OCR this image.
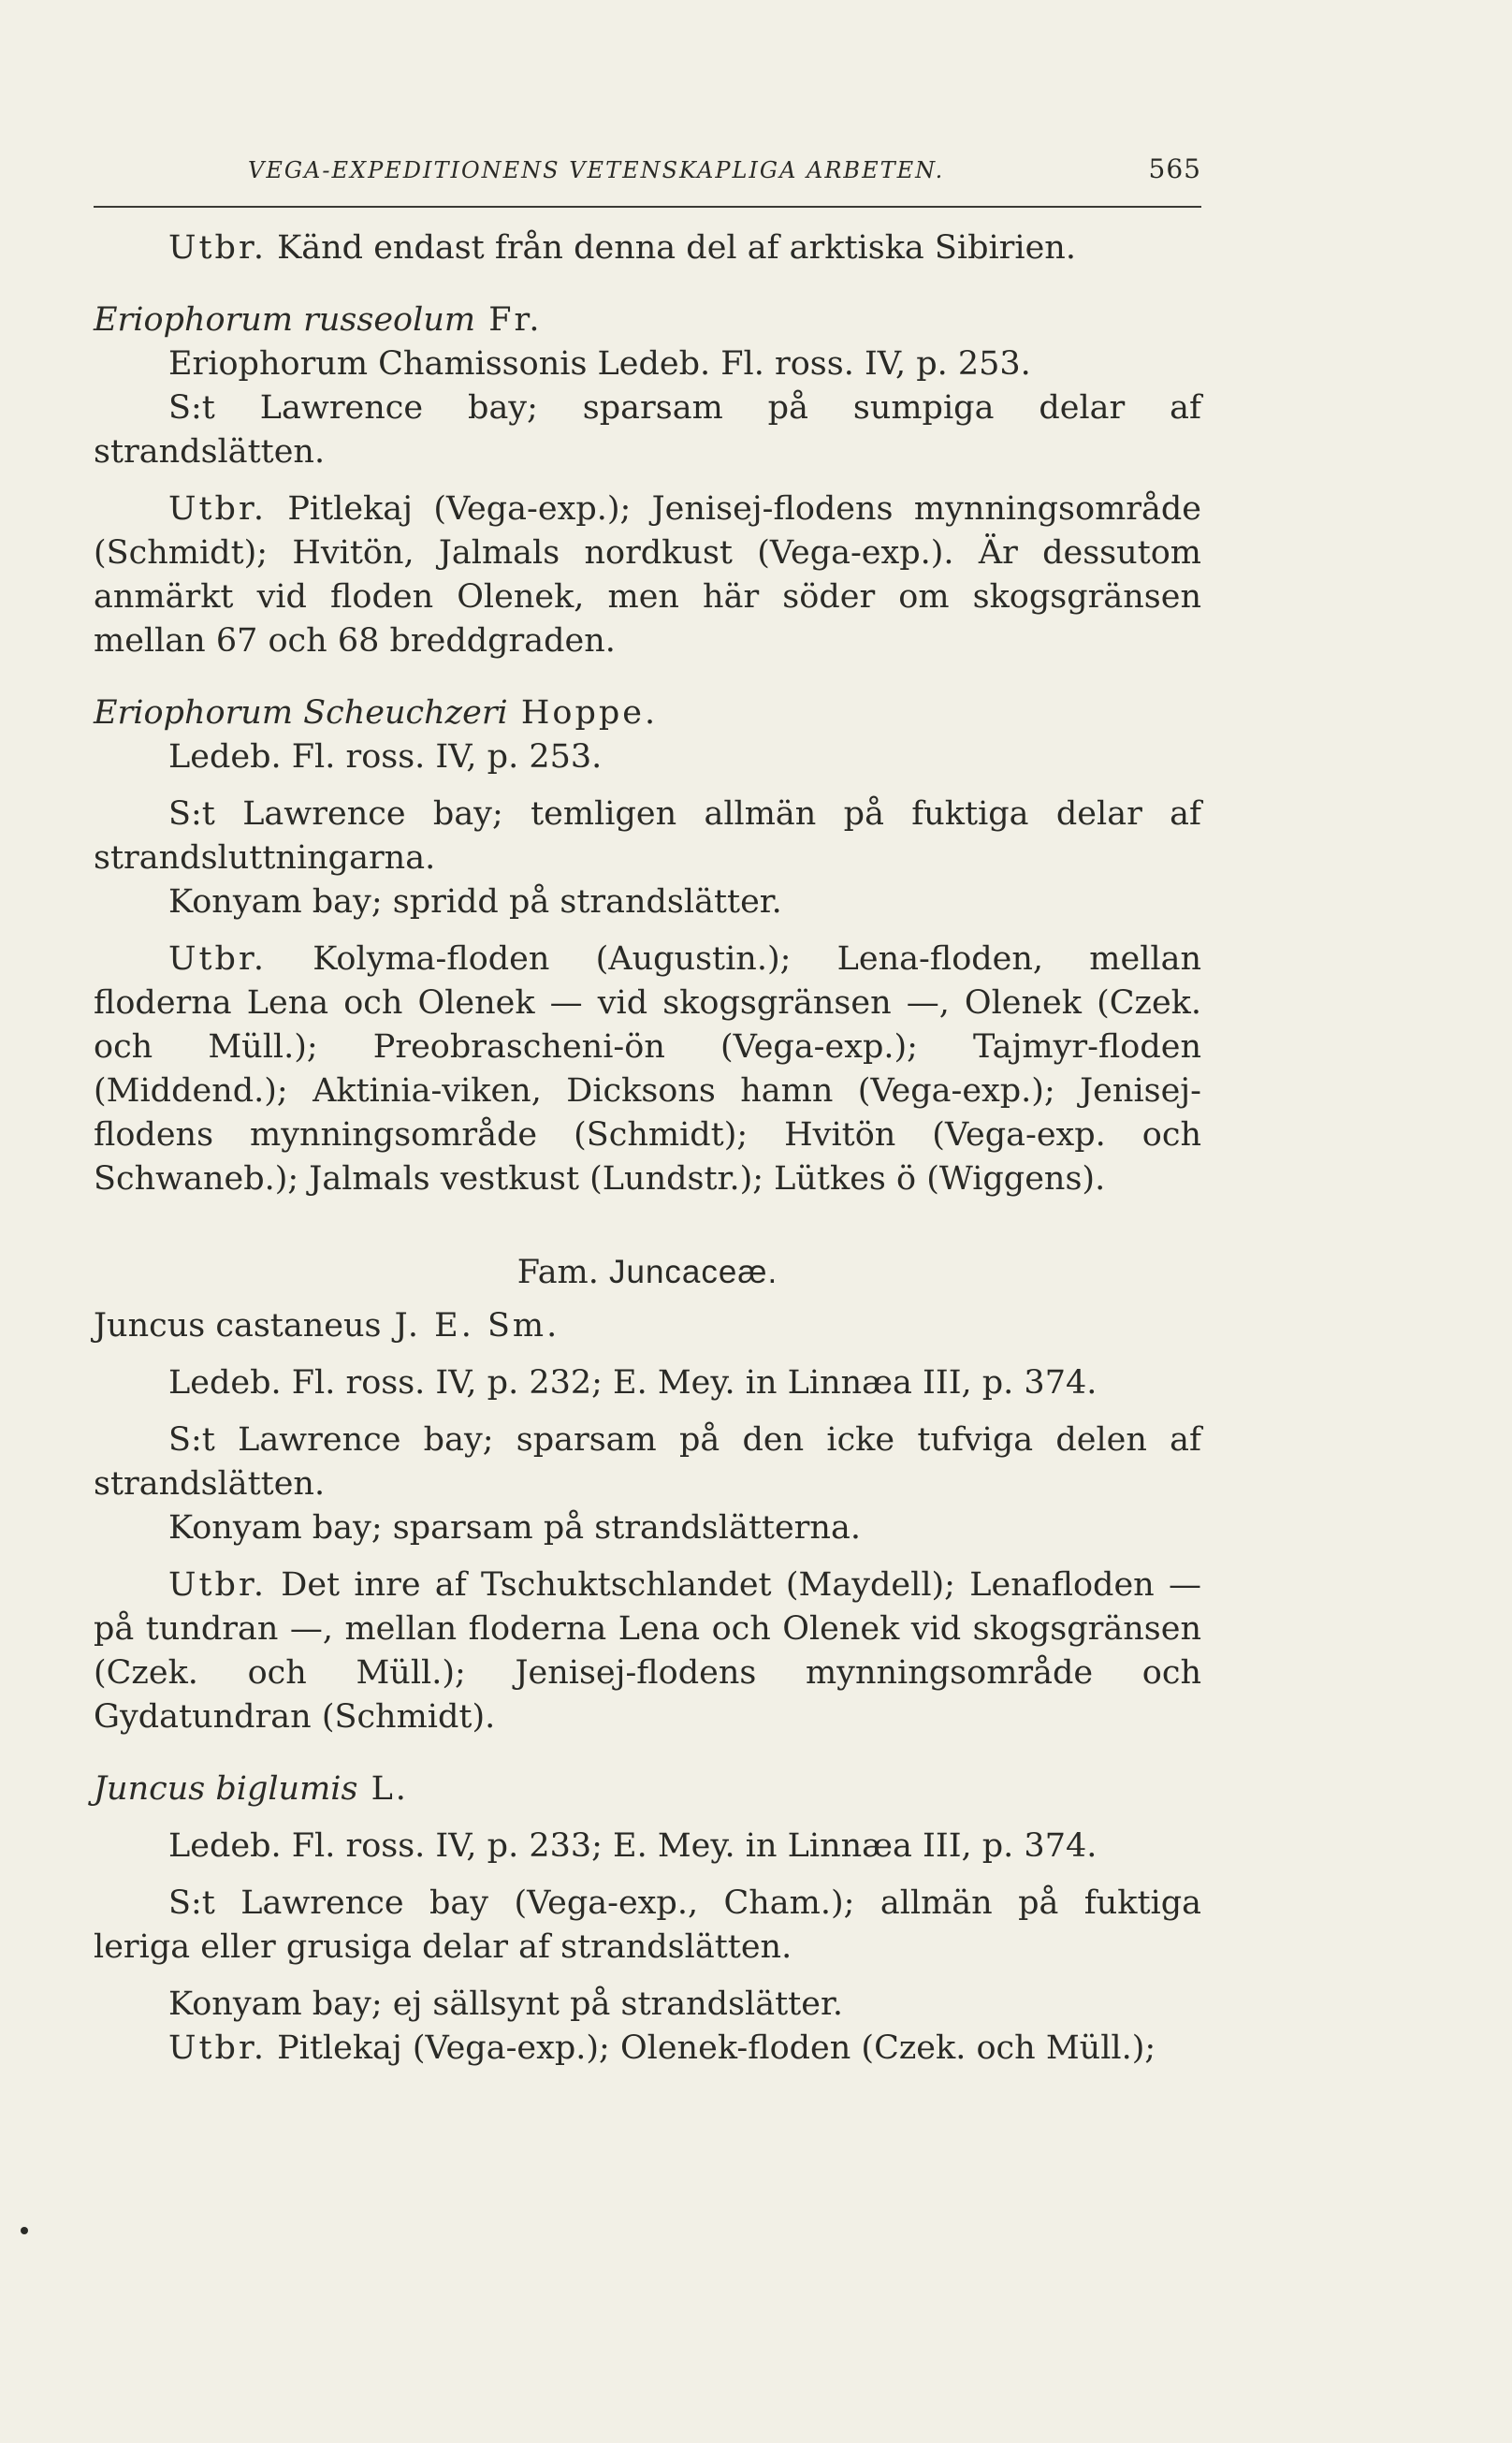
VEGA-EXPEDITIONENS VETENSKAPLIGA ARBETEN.	565

Utbr. Känd endast från denna del af arktiska Sibirien.

Eriophorum russeolum Fr.

Eriophorum Chamissonis Ledeb. Fl. ross. IV, p. 253.

S:t Lawrence bay; sparsam på sumpiga delar af strandslätten.

Utbr. Pitlekaj (Vega-exp.); Jenisej-flodens mynningsområde (Schmidt); Hvitön, Jalmals nordkust (Vega-exp.). Är dessutom anmärkt vid floden Olenek, men här söder om skogsgränsen mellan 67 och 68 breddgraden.

Eriophorum Scheuchzeri Hoppe.

Ledeb. Fl. ross. IV, p. 253.

S:t Lawrence bay; temligen allmän på fuktiga delar af strandsluttningarna.

Konyam bay; spridd på strandslätter.

Utbr. Kolyma-floden (Augustin.); Lena-floden, mellan floderna Lena och Olenek — vid skogsgränsen —, Olenek (Czek. och Müll.); Preobrascheni-ön (Vega-exp.); Tajmyr-floden (Middend.); Aktinia-viken, Dicksons hamn (Vega-exp.); Jenisej-flodens mynningsområde (Schmidt); Hvitön (Vega-exp. och Schwaneb.); Jalmals vestkust (Lundstr.); Lütkes ö (Wiggens).

Fam. Juncaceæ.

Juncus castaneus J. E. Sm.

Ledeb. Fl. ross. IV, p. 232; E. Mey. in Linnæa III, p. 374.

S:t Lawrence bay; sparsam på den icke tufviga delen af strandslätten.

Konyam bay; sparsam på strandslätterna.

Utbr. Det inre af Tschuktschlandet (Maydell); Lenafloden — på tundran —, mellan floderna Lena och Olenek vid skogsgränsen (Czek. och Müll.); Jenisej-flodens mynningsområde och Gydatundran (Schmidt).

Juncus biglumis L.

Ledeb. Fl. ross. IV, p. 233; E. Mey. in Linnæa III, p. 374.

S:t Lawrence bay (Vega-exp., Cham.); allmän på fuktiga leriga eller grusiga delar af strandslätten.

Konyam bay; ej sällsynt på strandslätter.

Utbr. Pitlekaj (Vega-exp.); Olenek-floden (Czek. och Müll.);
